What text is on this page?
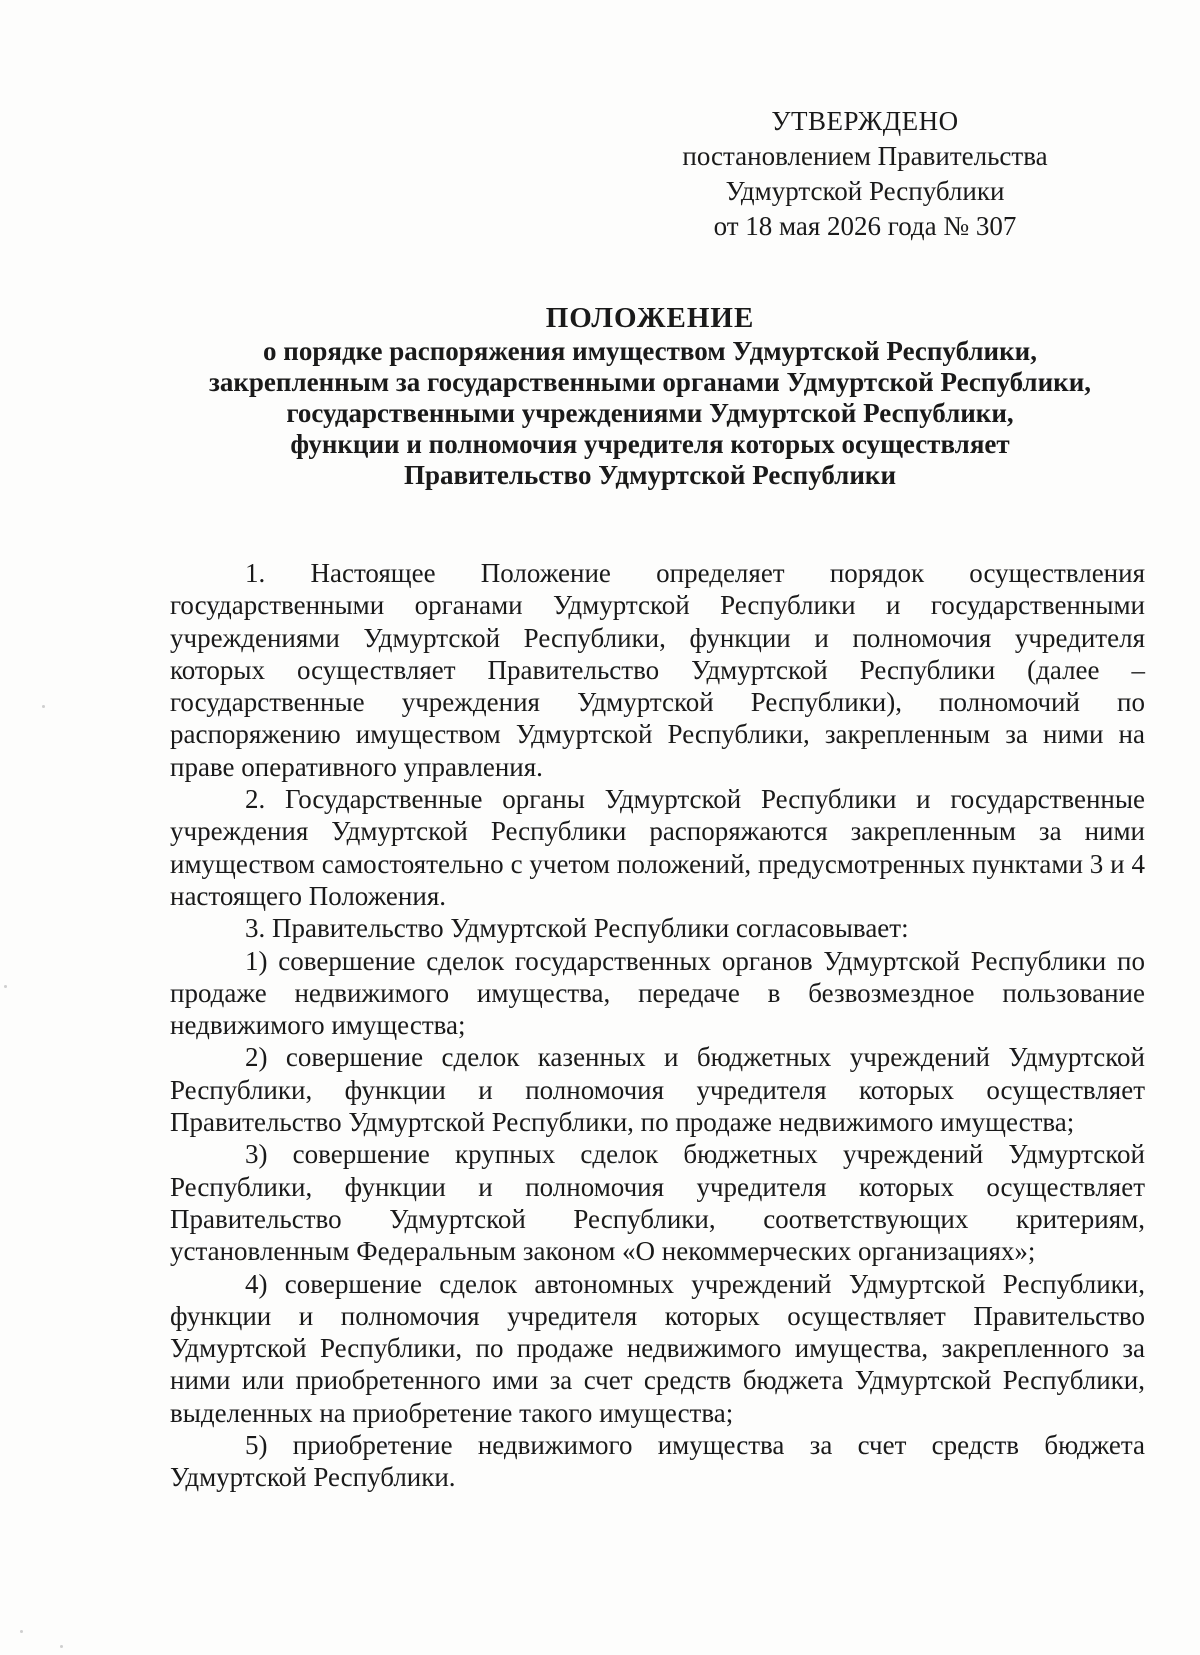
УТВЕРЖДЕНО
постановлением Правительства
Удмуртской Республики
от 18 мая 2026 года № 307
ПОЛОЖЕНИЕ
о порядке распоряжения имуществом Удмуртской Республики,
закрепленным за государственными органами Удмуртской Республики,
государственными учреждениями Удмуртской Республики,
функции и полномочия учредителя которых осуществляет
Правительство Удмуртской Республики

1. Настоящее Положение определяет порядок осуществления государственными органами Удмуртской Республики и государственными учреждениями Удмуртской Республики, функции и полномочия учредителя которых осуществляет Правительство Удмуртской Республики (далее – государственные учреждения Удмуртской Республики), полномочий по распоряжению имуществом Удмуртской Республики, закрепленным за ними на праве оперативного управления.

2. Государственные органы Удмуртской Республики и государственные учреждения Удмуртской Республики распоряжаются закрепленным за ними имуществом самостоятельно с учетом положений, предусмотренных пунктами 3 и 4 настоящего Положения.

3. Правительство Удмуртской Республики согласовывает:

1) совершение сделок государственных органов Удмуртской Республики по продаже недвижимого имущества, передаче в безвозмездное пользование недвижимого имущества;

2) совершение сделок казенных и бюджетных учреждений Удмуртской Республики, функции и полномочия учредителя которых осуществляет Правительство Удмуртской Республики, по продаже недвижимого имущества;

3) совершение крупных сделок бюджетных учреждений Удмуртской Республики, функции и полномочия учредителя которых осуществляет Правительство Удмуртской Республики, соответствующих критериям, установленным Федеральным законом «О некоммерческих организациях»;

4) совершение сделок автономных учреждений Удмуртской Республики, функции и полномочия учредителя которых осуществляет Правительство Удмуртской Республики, по продаже недвижимого имущества, закрепленного за ними или приобретенного ими за счет средств бюджета Удмуртской Республики, выделенных на приобретение такого имущества;

5) приобретение недвижимого имущества за счет средств бюджета Удмуртской Республики.
